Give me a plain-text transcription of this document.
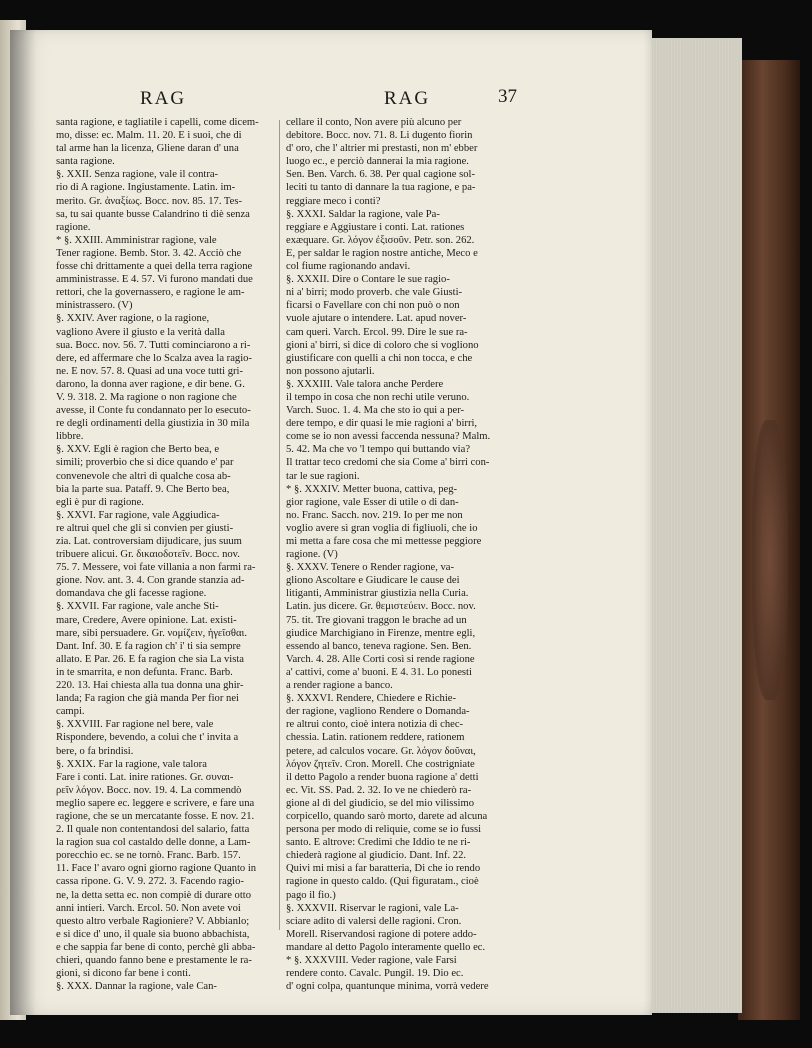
RAG	RAG	37
santa ragione, e tagliatile i capelli, come dicem-
mo, disse: ec. Malm. 11. 20. E i suoi, che di
tal arme han la licenza, Gliene daran d' una
santa ragione.
§. XXII. Senza ragione, vale il contra-
rio di A ragione. Ingiustamente. Latin. im-
merito. Gr. ἀναξίως. Bocc. nov. 85. 17. Tes-
sa, tu sai quante busse Calandrino ti diè senza
ragione.
* §. XXIII. Amministrar ragione, vale
Tener ragione. Bemb. Stor. 3. 42. Acciò che
fosse chi drittamente a quei della terra ragione
amministrasse. E 4. 57. Vi furono mandati due
rettori, che la governassero, e ragione le am-
ministrassero. (V)
§. XXIV. Aver ragione, o la ragione,
vagliono Avere il giusto e la verità dalla
sua. Bocc. nov. 56. 7. Tutti cominciarono a ri-
dere, ed affermare che lo Scalza avea la ragio-
ne. E nov. 57. 8. Quasi ad una voce tutti gri-
darono, la donna aver ragione, e dir bene. G.
V. 9. 318. 2. Ma ragione o non ragione che
avesse, il Conte fu condannato per lo esecuto-
re degli ordinamenti della giustizia in 30 mila
libbre.
§. XXV. Egli è ragion che Berto bea, e
simili; proverbio che si dice quando e' par
convenevole che altri di qualche cosa ab-
bia la parte sua. Pataff. 9. Che Berto bea,
egli è pur di ragione.
§. XXVI. Far ragione, vale Aggiudica-
re altrui quel che gli si convien per giusti-
zia. Lat. controversiam dijudicare, jus suum
tribuere alicui. Gr. δικαιοδοτεῖν. Bocc. nov.
75. 7. Messere, voi fate villania a non farmi ra-
gione. Nov. ant. 3. 4. Con grande stanzia ad-
domandava che gli facesse ragione.
§. XXVII. Far ragione, vale anche Sti-
mare, Credere, Avere opinione. Lat. existi-
mare, sibi persuadere. Gr. νομίζειν, ἡγεῖσθαι.
Dant. Inf. 30. E fa ragion ch' i' ti sia sempre
allato. E Par. 26. E fa ragion che sia La vista
in te smarrita, e non defunta. Franc. Barb.
220. 13. Hai chiesta alla tua donna una ghir-
landa; Fa ragion che già manda Per fior nei
campi.
§. XXVIII. Far ragione nel bere, vale
Rispondere, bevendo, a colui che t' invita a
bere, o fa brindisi.
§. XXIX. Far la ragione, vale talora
Fare i conti. Lat. inire rationes. Gr. συναι-
ρεῖν λόγον. Bocc. nov. 19. 4. La commendò
meglio sapere ec. leggere e scrivere, e fare una
ragione, che se un mercatante fosse. E nov. 21.
2. Il quale non contentandosi del salario, fatta
la ragion sua col castaldo delle donne, a Lam-
porecchio ec. se ne tornò. Franc. Barb. 157.
11. Face l' avaro ogni giorno ragione Quanto in
cassa ripone. G. V. 9. 272. 3. Facendo ragio-
ne, la detta setta ec. non compiè di durare otto
anni intieri. Varch. Ercol. 50. Non avete voi
questo altro verbale Ragioniere? V. Abbianlo;
e si dice d' uno, il quale sia buono abbachista,
e che sappia far bene di conto, perchè gli abba-
chieri, quando fanno bene e prestamente le ra-
gioni, si dicono far bene i conti.
§. XXX. Dannar la ragione, vale Can-
cellare il conto, Non avere più alcuno per
debitore. Bocc. nov. 71. 8. Li dugento fiorin
d' oro, che l' altrier mi prestasti, non m' ebber
luogo ec., e perciò dannerai la mia ragione.
Sen. Ben. Varch. 6. 38. Per qual cagione sol-
leciti tu tanto di dannare la tua ragione, e pa-
reggiare meco i conti?
§. XXXI. Saldar la ragione, vale Pa-
reggiare e Aggiustare i conti. Lat. rationes
exæquare. Gr. λόγον ἐξισοῦν. Petr. son. 262.
E, per saldar le ragion nostre antiche, Meco e
col fiume ragionando andavi.
§. XXXII. Dire o Contare le sue ragio-
ni a' birri; modo proverb. che vale Giusti-
ficarsi o Favellare con chi non può o non
vuole ajutare o intendere. Lat. apud nover-
cam queri. Varch. Ercol. 99. Dire le sue ra-
gioni a' birri, si dice di coloro che si vogliono
giustificare con quelli a chi non tocca, e che
non possono ajutarli.
§. XXXIII. Vale talora anche Perdere
il tempo in cosa che non rechi utile veruno.
Varch. Suoc. 1. 4. Ma che sto io qui a per-
dere tempo, e dir quasi le mie ragioni a' birri,
come se io non avessi faccenda nessuna? Malm.
5. 42. Ma che vo 'l tempo qui buttando via?
Il trattar teco credomi che sia Come a' birri con-
tar le sue ragioni.
* §. XXXIV. Metter buona, cattiva, peg-
gior ragione, vale Esser di utile o di dan-
no. Franc. Sacch. nov. 219. Io per me non
voglio avere sì gran voglia di figliuoli, che io
mi metta a fare cosa che mi mettesse peggiore
ragione. (V)
§. XXXV. Tenere o Render ragione, va-
gliono Ascoltare e Giudicare le cause dei
litiganti, Amministrar giustizia nella Curia.
Latin. jus dicere. Gr. θεμιστεύειν. Bocc. nov.
75. tit. Tre giovani traggon le brache ad un
giudice Marchigiano in Firenze, mentre egli,
essendo al banco, teneva ragione. Sen. Ben.
Varch. 4. 28. Alle Corti così si rende ragione
a' cattivi, come a' buoni. E 4. 31. Lo ponesti
a render ragione a banco.
§. XXXVI. Rendere, Chiedere e Richie-
der ragione, vagliono Rendere o Domanda-
re altrui conto, cioè intera notizia di chec-
chessia. Latin. rationem reddere, rationem
petere, ad calculos vocare. Gr. λόγον δοῦναι,
λόγον ζητεῖν. Cron. Morell. Che costrigniate
il detto Pagolo a render buona ragione a' detti
ec. Vit. SS. Pad. 2. 32. Io ve ne chiederò ra-
gione al dì del giudicio, se del mio vilissimo
corpicello, quando sarò morto, darete ad alcuna
persona per modo di reliquie, come se io fussi
santo. E altrove: Credimi che Iddio te ne ri-
chiederà ragione al giudicio. Dant. Inf. 22.
Quivi mi misi a far baratteria, Di che io rendo
ragione in questo caldo. (Qui figuratam., cioè
pago il fio.)
§. XXXVII. Riservar le ragioni, vale La-
sciare adito di valersi delle ragioni. Cron.
Morell. Riservandosi ragione di potere addo-
mandare al detto Pagolo interamente quello ec.
* §. XXXVIII. Veder ragione, vale Farsi
rendere conto. Cavalc. Pungil. 19. Dio ec.
d' ogni colpa, quantunque minima, vorrà vedere
